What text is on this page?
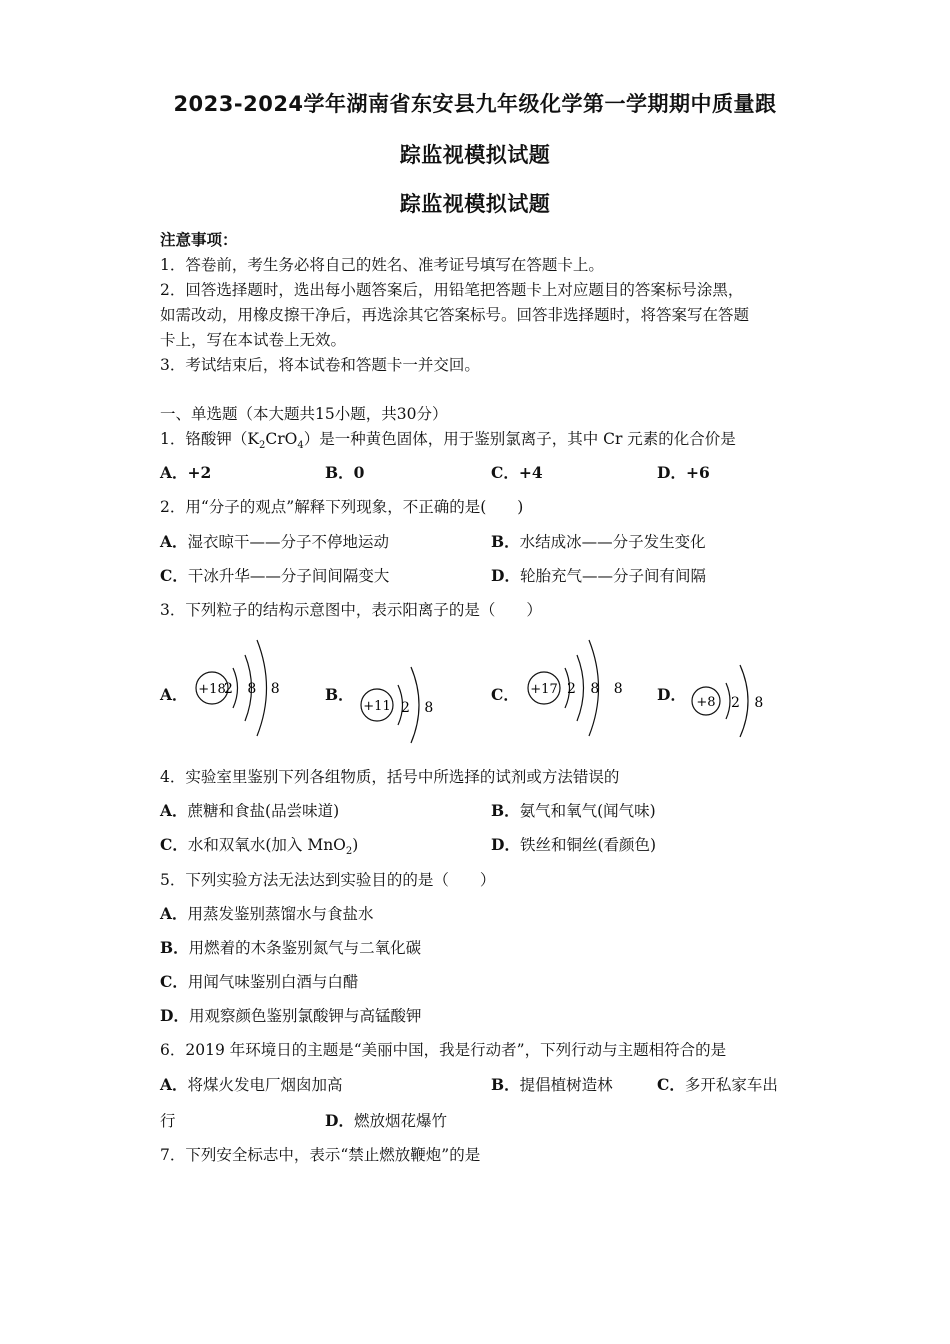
2023-2024学年湖南省东安县九年级化学第一学期期中质量跟
踪监视模拟试题
踪监视模拟试题
注意事项：
1．答卷前，考生务必将自己的姓名、准考证号填写在答题卡上。
2．回答选择题时，选出每小题答案后，用铅笔把答题卡上对应题目的答案标号涂黑，
如需改动，用橡皮擦干净后，再选涂其它答案标号。回答非选择题时，将答案写在答题
卡上，写在本试卷上无效。
3．考试结束后，将本试卷和答题卡一并交回。
一、单选题（本大题共15小题，共30分）
1．铬酸钾$(K_2CrO_4)$是一种黄色固体，用于鉴别氯离子，其中 Cr 元素的化合价是
A．+2	B．0	C．+4	D．+6
2．用“分子的观点”解释下列现象，不正确的是(　　)
A．湿衣晾干——分子不停地运动	B．水结成冰——分子发生变化
C．干冰升华——分子间间隔变大	D．轮胎充气——分子间有间隔
3．下列粒子的结构示意图中，表示阳离子的是（　　）
A． +18
2 8 8	B．
+11 2 8
C． +17 2 8 8 D． +8 2 8
4．实验室里鉴别下列各组物质，括号中所选择的试剂或方法错误的
A．蔗糖和食盐(品尝味道)	B．氨气和氧气(闻气味)
C．水和双氧水(加入 MnO$_2$)	D．铁丝和铜丝(看颜色)
5．下列实验方法无法达到实验目的的是（　　）
A．用蒸发鉴别蒸馏水与食盐水
B．用燃着的木条鉴别氮气与二氧化碳
C．用闻气味鉴别白酒与白醋
D．用观察颜色鉴别氯酸钾与高锰酸钾
6．2019 年环境日的主题是“美丽中国，我是行动者”，下列行动与主题相符合的是
A．将煤火发电厂烟囱加高	B．提倡植树造林	C．多开私家车出
行	D．燃放烟花爆竹
7．下列安全标志中，表示“禁止燃放鞭炮”的是
